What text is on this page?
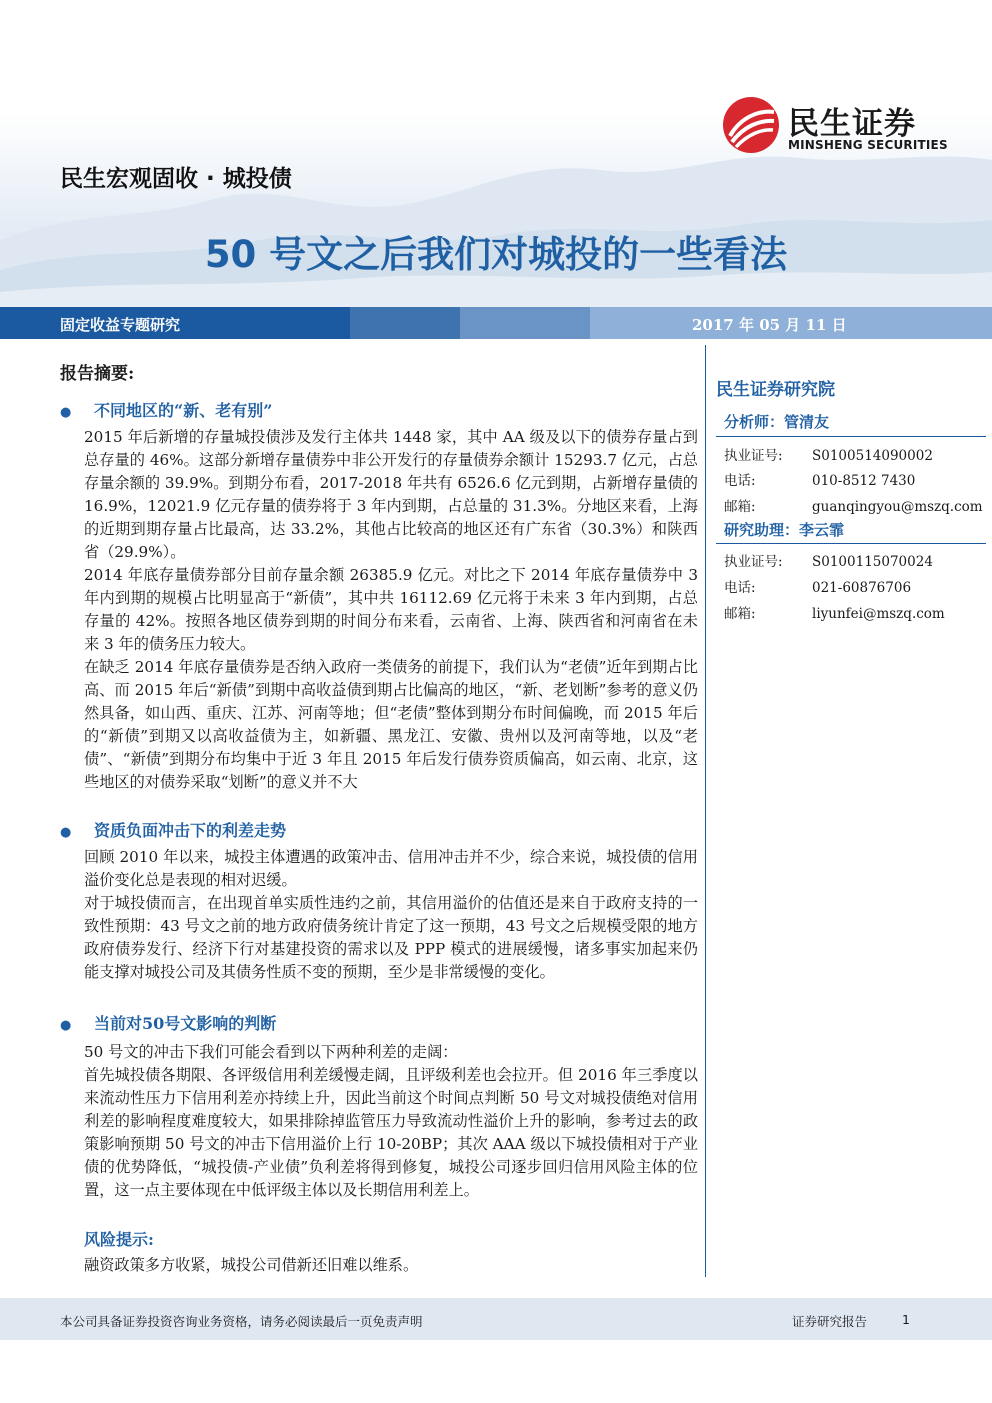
民生证券
MINSHENG SECURITIES
民生宏观固收 · 城投债
50 号文之后我们对城投的一些看法
固定收益专题研究	2017 年 05 月 11 日
报告摘要:
● 不同地区的“新、老有别”

2015 年后新增的存量城投债涉及发行主体共 1448 家，其中 AA 级及以下的债券存量占到总存量的 46%。这部分新增存量债券中非公开发行的存量债券余额计 15293.7 亿元，占总存量余额的 39.9%。到期分布看，2017-2018 年共有 6526.6 亿元到期，占新增存量债的 16.9%，12021.9 亿元存量的债券将于 3 年内到期，占总量的 31.3%。分地区来看，上海的近期到期存量占比最高，达 33.2%，其他占比较高的地区还有广东省（30.3%）和陕西省（29.9%）。

2014 年底存量债券部分目前存量余额 26385.9 亿元。对比之下 2014 年底存量债券中 3 年内到期的规模占比明显高于“新债”，其中共 16112.69 亿元将于未来 3 年内到期，占总存量的 42%。按照各地区债券到期的时间分布来看，云南省、上海、陕西省和河南省在未来 3 年的债务压力较大。

在缺乏 2014 年底存量债券是否纳入政府一类债务的前提下，我们认为“老债”近年到期占比高、而 2015 年后“新债”到期中高收益债到期占比偏高的地区，“新、老划断”参考的意义仍然具备，如山西、重庆、江苏、河南等地；但“老债”整体到期分布时间偏晚，而 2015 年后的“新债”到期又以高收益债为主，如新疆、黑龙江、安徽、贵州以及河南等地，以及“老债”、“新债”到期分布均集中于近 3 年且 2015 年后发行债券资质偏高，如云南、北京，这些地区的对债券采取“划断”的意义并不大

● 资质负面冲击下的利差走势

回顾 2010 年以来，城投主体遭遇的政策冲击、信用冲击并不少，综合来说，城投债的信用溢价变化总是表现的相对迟缓。

对于城投债而言，在出现首单实质性违约之前，其信用溢价的估值还是来自于政府支持的一致性预期：43 号文之前的地方政府债务统计肯定了这一预期，43 号文之后规模受限的地方政府债券发行、经济下行对基建投资的需求以及 PPP 模式的进展缓慢，诸多事实加起来仍能支撑对城投公司及其债务性质不变的预期，至少是非常缓慢的变化。

● 当前对50号文影响的判断

50 号文的冲击下我们可能会看到以下两种利差的走阔：

首先城投债各期限、各评级信用利差缓慢走阔，且评级利差也会拉开。但 2016 年三季度以来流动性压力下信用利差亦持续上升，因此当前这个时间点判断 50 号文对城投债绝对信用利差的影响程度难度较大，如果排除掉监管压力导致流动性溢价上升的影响，参考过去的政策影响预期 50 号文的冲击下信用溢价上行 10-20BP；其次 AAA 级以下城投债相对于产业债的优势降低，“城投债-产业债”负利差将得到修复，城投公司逐步回归信用风险主体的位置，这一点主要体现在中低评级主体以及长期信用利差上。

风险提示:

融资政策多方收紧，城投公司借新还旧难以维系。

民生证券研究院
分析师：管清友
执业证号: S0100514090002
电话:	010-8512 7430
邮箱:	guanqingyou@mszq.com
研究助理：李云霏
执业证号: S0100115070024
电话:	021-60876706
邮箱:	liyunfei@mszq.com
本公司具备证券投资咨询业务资格，请务必阅读最后一页免责声明	证券研究报告	1
